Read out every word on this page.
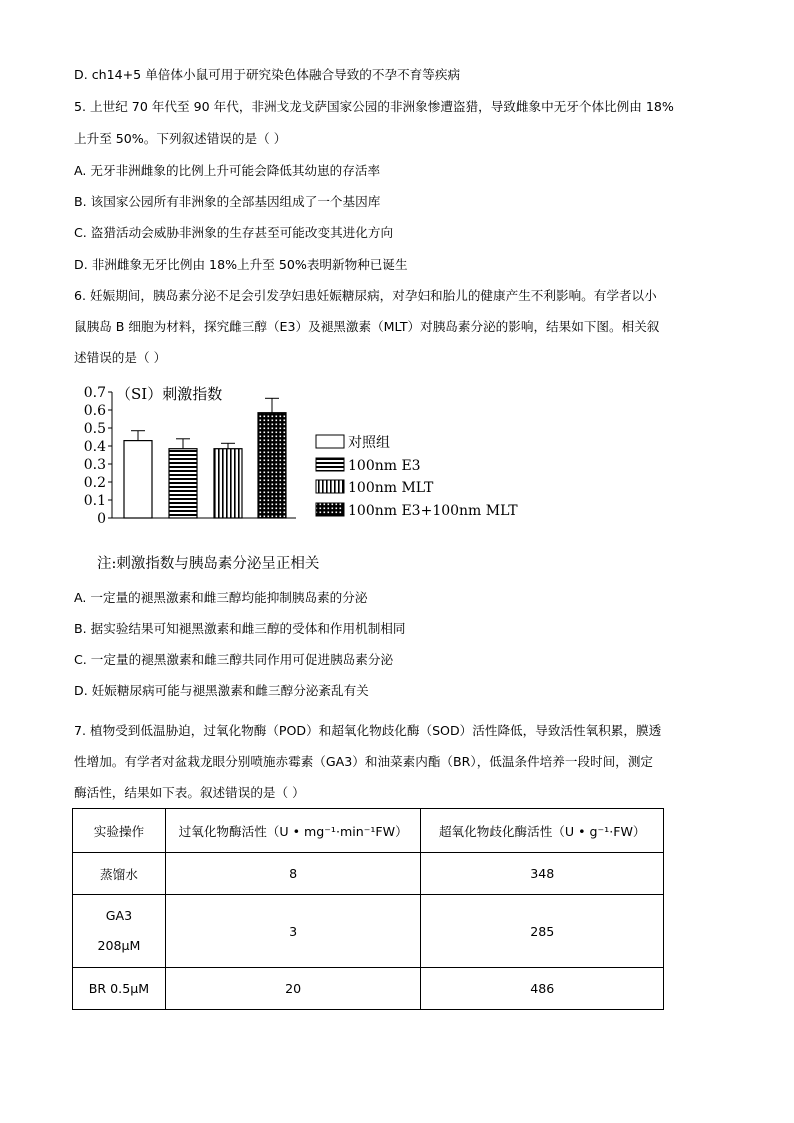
D. ch14+5 单倍体小鼠可用于研究染色体融合导致的不孕不育等疾病
5. 上世纪 70 年代至 90 年代，非洲戈龙戈萨国家公园的非洲象惨遭盗猎，导致雌象中无牙个体比例由 18%
上升至 50%。下列叙述错误的是（ ）
A. 无牙非洲雌象的比例上升可能会降低其幼崽的存活率
B. 该国家公园所有非洲象的全部基因组成了一个基因库
C. 盗猎活动会威胁非洲象的生存甚至可能改变其进化方向
D. 非洲雌象无牙比例由 18%上升至 50%表明新物种已诞生
6. 妊娠期间，胰岛素分泌不足会引发孕妇患妊娠糖尿病，对孕妇和胎儿的健康产生不利影响。有学者以小
鼠胰岛 B 细胞为材料，探究雌三醇（E3）及褪黑激素（MLT）对胰岛素分泌的影响，结果如下图。相关叙
述错误的是（ ）
0
0.1
0.2
0.3
0.4
0.5
0.6
0.7
对照组
100nm E3
100nm MLT
100nm E3+100nm MLT
（SI）刺激指数
注:刺激指数与胰岛素分泌呈正相关
A. 一定量的褪黑激素和雌三醇均能抑制胰岛素的分泌
B. 据实验结果可知褪黑激素和雌三醇的受体和作用机制相同
C. 一定量的褪黑激素和雌三醇共同作用可促进胰岛素分泌
D. 妊娠糖尿病可能与褪黑激素和雌三醇分泌紊乱有关
7. 植物受到低温胁迫，过氧化物酶（POD）和超氧化物歧化酶（SOD）活性降低，导致活性氧积累，膜透
性增加。有学者对盆栽龙眼分别喷施赤霉素（GA3）和油菜素内酯（BR），低温条件培养一段时间，测定
酶活性，结果如下表。叙述错误的是（ ）
实验操作	过氧化物酶活性（U • mg⁻¹·min⁻¹FW）	超氧化物歧化酶活性（U • g⁻¹·FW）
蒸馏水	8	348

GA3
208μM	3	285
BR 0.5μM	20	486
